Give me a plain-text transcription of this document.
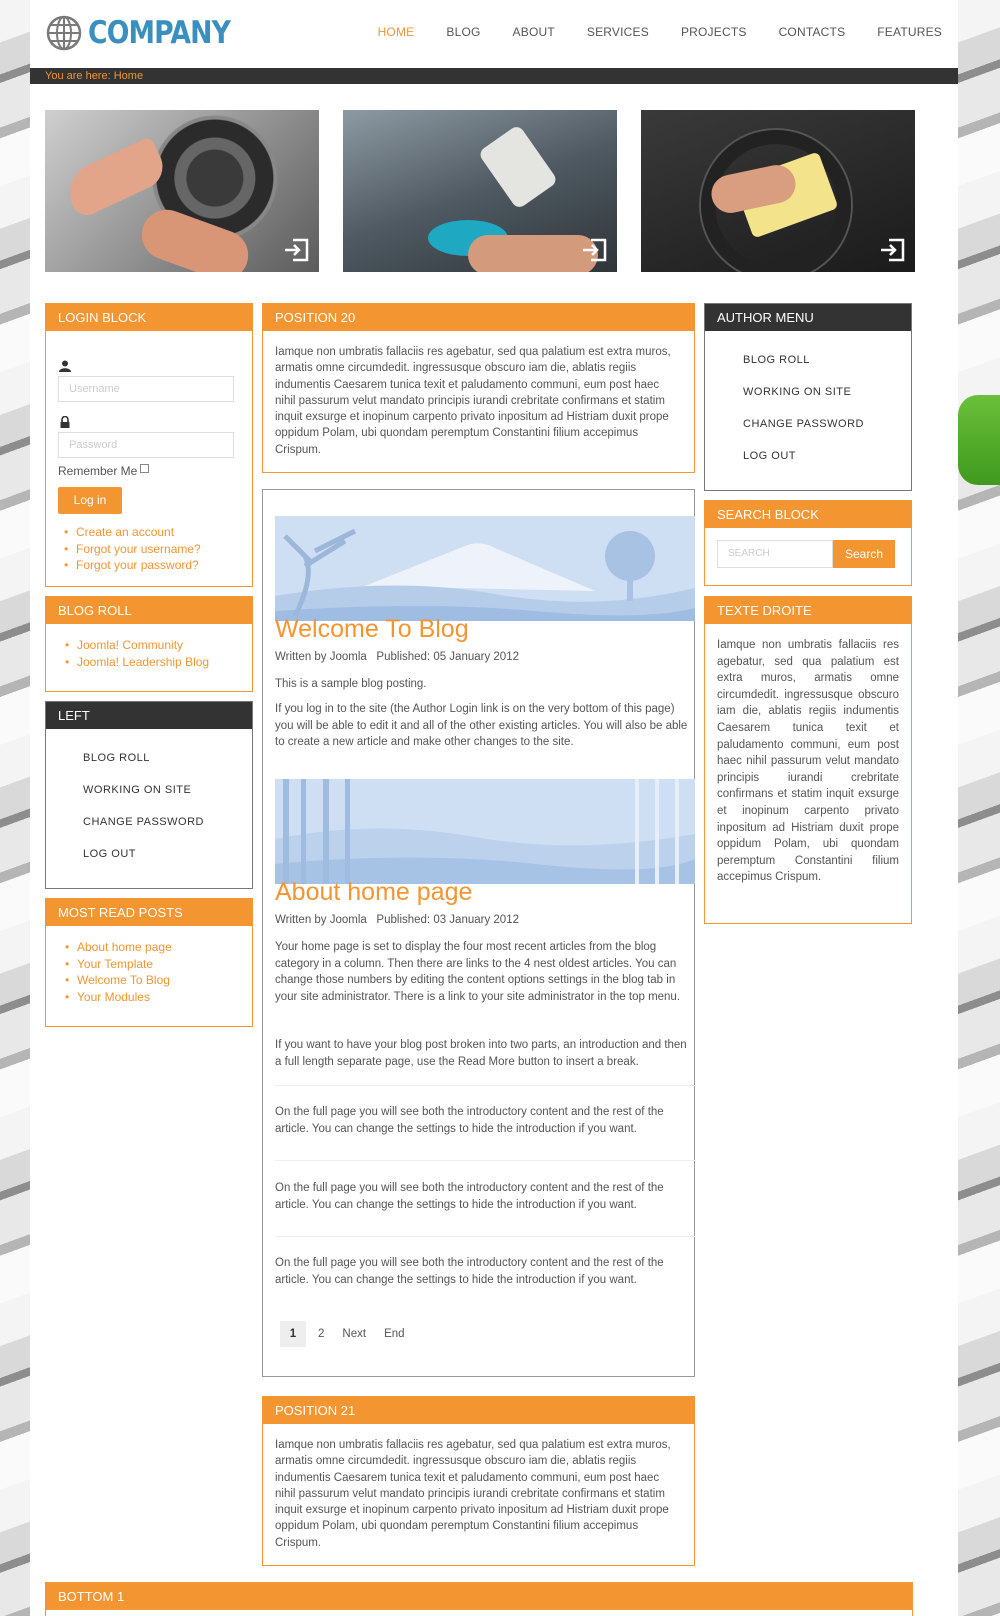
COMPANY	HOME	BLOG	ABOUT	SERVICES	PROJECTS	CONTACTS	FEATURES
You are here: Home
LOGIN BLOCK
Username
Password
Remember Me
Log in
• Create an account
• Forgot your username?
• Forgot your password?
BLOG ROLL
• Joomla! Community
• Joomla! Leadership Blog
LEFT
BLOG ROLL
WORKING ON SITE
CHANGE PASSWORD
LOG OUT
MOST READ POSTS
• About home page
• Your Template
• Welcome To Blog
• Your Modules
POSITION 20

Iamque non umbratis fallaciis res agebatur, sed qua palatium est extra muros, armatis omne circumdedit. ingressusque obscuro iam die, ablatis regiis indumentis Caesarem tunica texit et paludamento communi, eum post haec nihil passurum velut mandato principis iurandi crebritate confirmans et statim inquit exsurge et inopinum carpento privato inpositum ad Histriam duxit prope oppidum Polam, ubi quondam peremptum Constantini filium accepimus Crispum.

Welcome To Blog
Written by Joomla Published: 05 January 2012

This is a sample blog posting.

If you log in to the site (the Author Login link is on the very bottom of this page) you will be able to edit it and all of the other existing articles. You will also be able to create a new article and make other changes to the site.

About home page
Written by Joomla Published: 03 January 2012

Your home page is set to display the four most recent articles from the blog category in a column. Then there are links to the 4 nest oldest articles. You can change those numbers by editing the content options settings in the blog tab in your site administrator. There is a link to your site administrator in the top menu.

If you want to have your blog post broken into two parts, an introduction and then a full length separate page, use the Read More button to insert a break.

On the full page you will see both the introductory content and the rest of the article. You can change the settings to hide the introduction if you want.

On the full page you will see both the introductory content and the rest of the article. You can change the settings to hide the introduction if you want.

On the full page you will see both the introductory content and the rest of the article. You can change the settings to hide the introduction if you want.

1	2 Next End
POSITION 21

Iamque non umbratis fallaciis res agebatur, sed qua palatium est extra muros, armatis omne circumdedit. ingressusque obscuro iam die, ablatis regiis indumentis Caesarem tunica texit et paludamento communi, eum post haec nihil passurum velut mandato principis iurandi crebritate confirmans et statim inquit exsurge et inopinum carpento privato inpositum ad Histriam duxit prope oppidum Polam, ubi quondam peremptum Constantini filium accepimus Crispum.

AUTHOR MENU
BLOG ROLL
WORKING ON SITE
CHANGE PASSWORD
LOG OUT
SEARCH BLOCK
SEARCH	Search
TEXTE DROITE

Iamque non umbratis fallaciis res agebatur, sed qua palatium est extra muros, armatis omne circumdedit. ingressusque obscuro iam die, ablatis regiis indumentis Caesarem tunica texit et paludamento communi, eum post haec nihil passurum velut mandato principis iurandi crebritate confirmans et statim inquit exsurge et inopinum carpento privato inpositum ad Histriam duxit prope oppidum Polam, ubi quondam peremptum Constantini filium accepimus Crispum.

BOTTOM 1
